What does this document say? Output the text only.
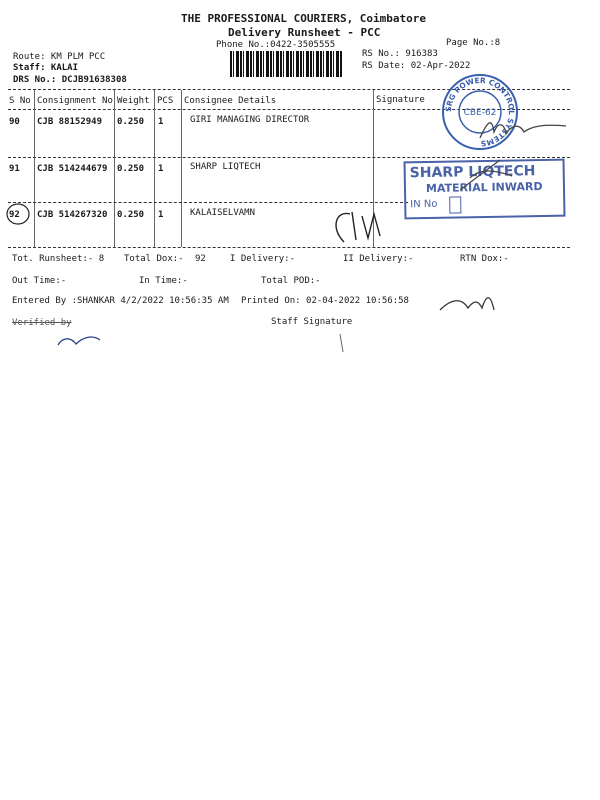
THE PROFESSIONAL COURIERS, Coimbatore
Delivery Runsheet - PCC
Phone No.:0422-3505555	Page No.:8
Route: KM PLM PCC
Staff: KALAI
DRS No.: DCJB91638308
RS No.: 916383
RS Date: 02-Apr-2022
S No Consignment No Weight PCS Consignee Details	Signature
90 CJB 88152949 0.250 1	GIRI MANAGING DIRECTOR
91 CJB 514244679 0.250 1	SHARP LIQTECH
92 CJB 514267320 0.250 1	KALAISELVAMN
Tot. Runsheet:- 8 Total Dox:- 92	I Delivery:-	II Delivery:-	RTN Dox:-
Out Time:-	In Time:-	Total POD:-
Entered By :SHANKAR 4/2/2022 10:56:35 AM Printed On: 02-04-2022 10:56:58
Verified by	Staff Signature
SRG POWER CONTROL SYSTEMS
CBE-62
SHARP LIQTECH
MATERIAL INWARD
IN No
